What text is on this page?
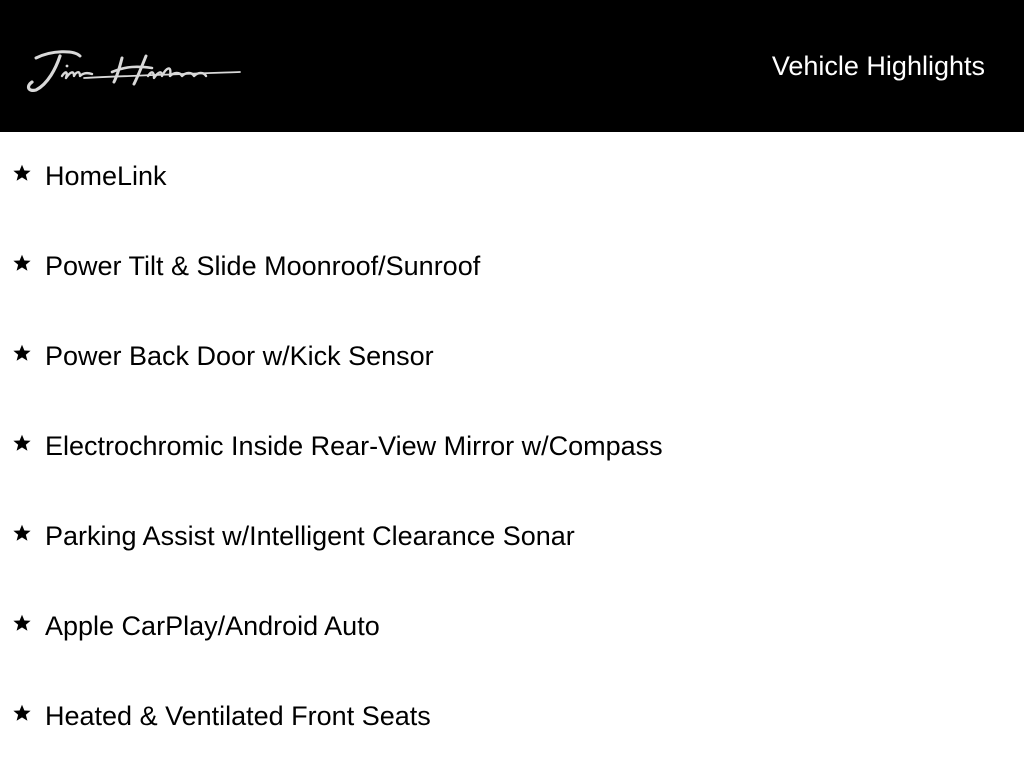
Vehicle Highlights
HomeLink
Power Tilt & Slide Moonroof/Sunroof
Power Back Door w/Kick Sensor
Electrochromic Inside Rear-View Mirror w/Compass
Parking Assist w/Intelligent Clearance Sonar
Apple CarPlay/Android Auto
Heated & Ventilated Front Seats
